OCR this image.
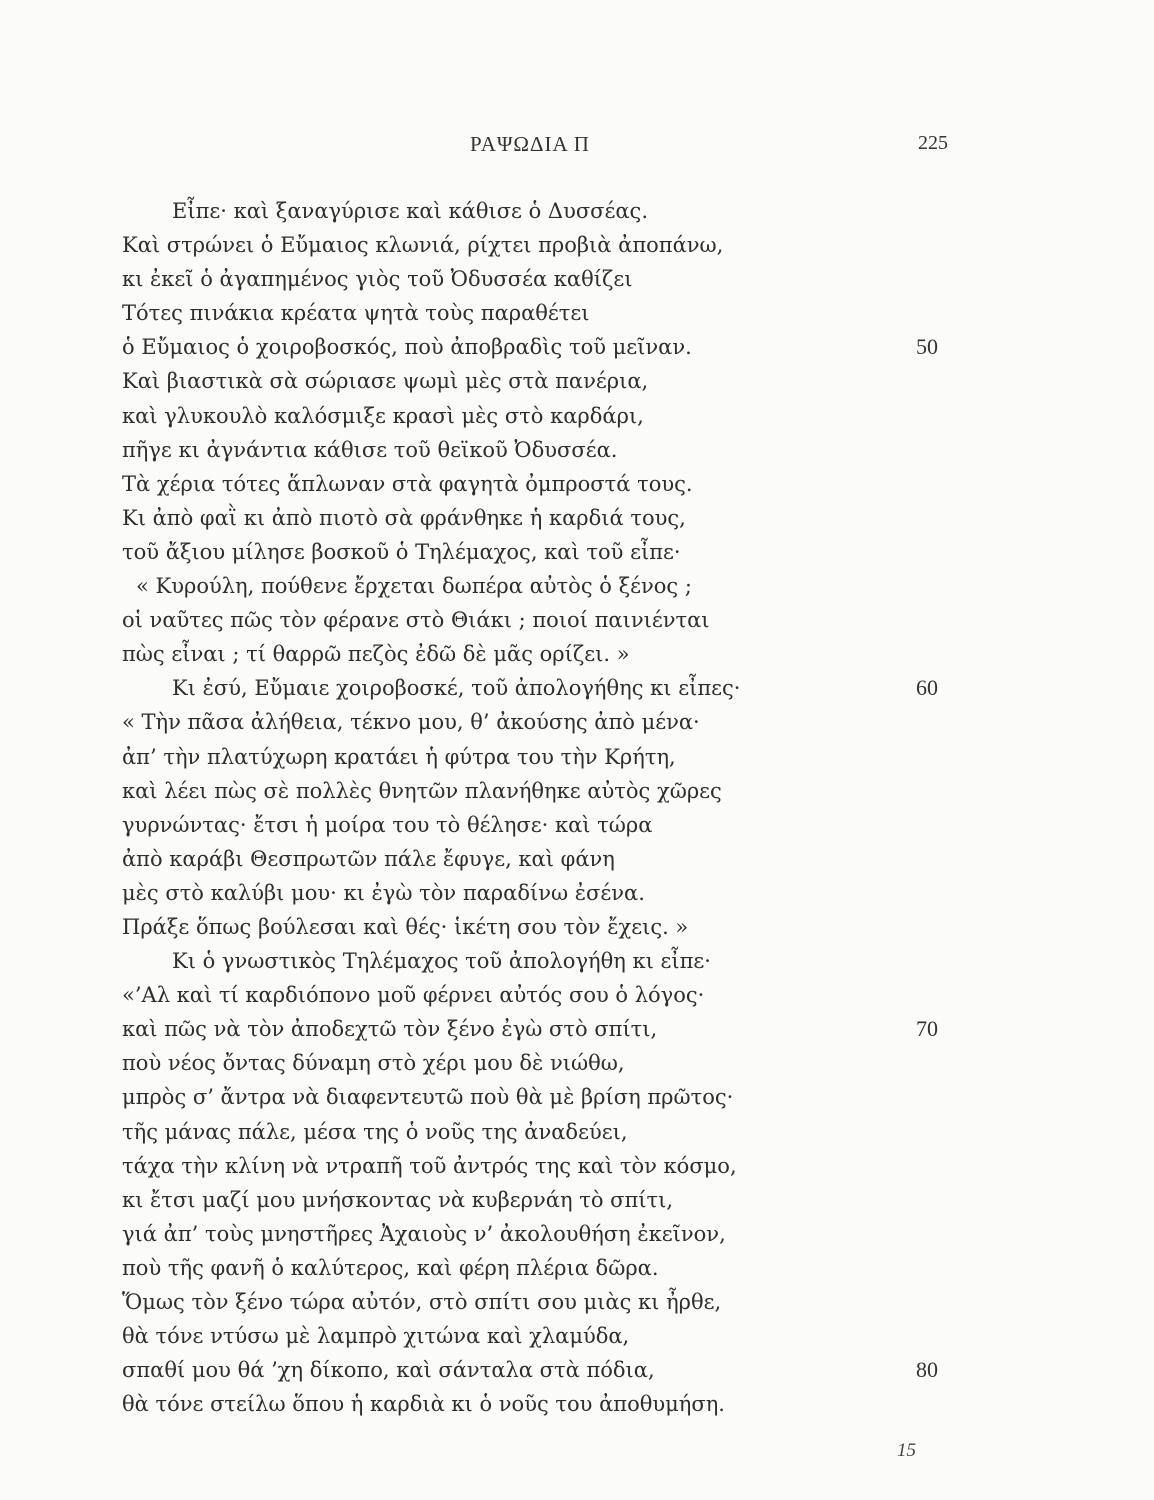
ΡΑΨΩΔΙΑ Π	225
Εἶπε· καὶ ξαναγύρισε καὶ κάθισε ὁ Δυσσέας.
Καὶ στρώνει ὁ Εὔμαιος κλωνιά, ρίχτει προβιὰ ἀποπάνω,
κι ἐκεῖ ὁ ἀγαπημένος γιὸς τοῦ Ὀδυσσέα καθίζει
Τότες πινάκια κρέατα ψητὰ τοὺς παραθέτει
ὁ Εὔμαιος ὁ χοιροβοσκός, ποὺ ἀποβραδὶς τοῦ μεῖναν.	50
Καὶ βιαστικὰ σὰ σώριασε ψωμὶ μὲς στὰ πανέρια,
καὶ γλυκουλὸ καλόσμιξε κρασὶ μὲς στὸ καρδάρι,
πῆγε κι ἀγνάντια κάθισε τοῦ θεϊκοῦ Ὀδυσσέα.
Τὰ χέρια τότες ἅπλωναν στὰ φαγητὰ ὀμπροστά τους.
Κι ἀπὸ φαῒ κι ἀπὸ πιοτὸ σὰ φράνθηκε ἡ καρδιά τους,
τοῦ ἄξιου μίλησε βοσκοῦ ὁ Τηλέμαχος, καὶ τοῦ εἶπε·
« Κυρούλη, πούθενε ἔρχεται δωπέρα αὐτὸς ὁ ξένος ;
οἱ ναῦτες πῶς τὸν φέρανε στὸ Θιάκι ; ποιοί παινιένται
πὼς εἶναι ; τί θαρρῶ πεζὸς ἐδῶ δὲ μᾶς ορίζει. »
Κι ἐσύ, Εὔμαιε χοιροβοσκέ, τοῦ ἀπολογήθης κι εἶπες·	60
« Τὴν πᾶσα ἀλήθεια, τέκνο μου, θ’ ἀκούσης ἀπὸ μένα·
ἀπ’ τὴν πλατύχωρη κρατάει ἡ φύτρα του τὴν Κρήτη,
καὶ λέει πὼς σὲ πολλὲς θνητῶν πλανήθηκε αὐτὸς χῶρες
γυρνώντας· ἔτσι ἡ μοίρα του τὸ θέλησε· καὶ τώρα
ἀπὸ καράβι Θεσπρωτῶν πάλε ἔφυγε, καὶ φάνη
μὲς στὸ καλύβι μου· κι ἐγὼ τὸν παραδίνω ἐσένα.
Πράξε ὅπως βούλεσαι καὶ θές· ἱκέτη σου τὸν ἔχεις. »
Κι ὁ γνωστικὸς Τηλέμαχος τοῦ ἀπολογήθη κι εἶπε·
«’Αλ καὶ τί καρδιόπονο μοῦ φέρνει αὐτός σου ὁ λόγος·
καὶ πῶς νὰ τὸν ἀποδεχτῶ τὸν ξένο ἐγὼ στὸ σπίτι,	70
ποὺ νέος ὄντας δύναμη στὸ χέρι μου δὲ νιώθω,
μπρὸς σ’ ἄντρα νὰ διαφεντευτῶ ποὺ θὰ μὲ βρίση πρῶτος·
τῆς μάνας πάλε, μέσα της ὁ νοῦς της ἀναδεύει,
τάχα τὴν κλίνη νὰ ντραπῆ τοῦ ἀντρός της καὶ τὸν κόσμο,
κι ἔτσι μαζί μου μνήσκοντας νὰ κυβερνάη τὸ σπίτι,
γιά ἀπ’ τοὺς μνηστῆρες Ἀχαιοὺς ν’ ἀκολουθήση ἐκεῖνον,
ποὺ τῆς φανῆ ὁ καλύτερος, καὶ φέρη πλέρια δῶρα.
Ὅμως τὸν ξένο τώρα αὐτόν, στὸ σπίτι σου μιὰς κι ἦρθε,
θὰ τόνε ντύσω μὲ λαμπρὸ χιτώνα καὶ χλαμύδα,
σπαθί μου θά ’χη δίκοπο, καὶ σάνταλα στὰ πόδια,	80
θὰ τόνε στείλω ὅπου ἡ καρδιὰ κι ὁ νοῦς του ἀποθυμήση.
15
